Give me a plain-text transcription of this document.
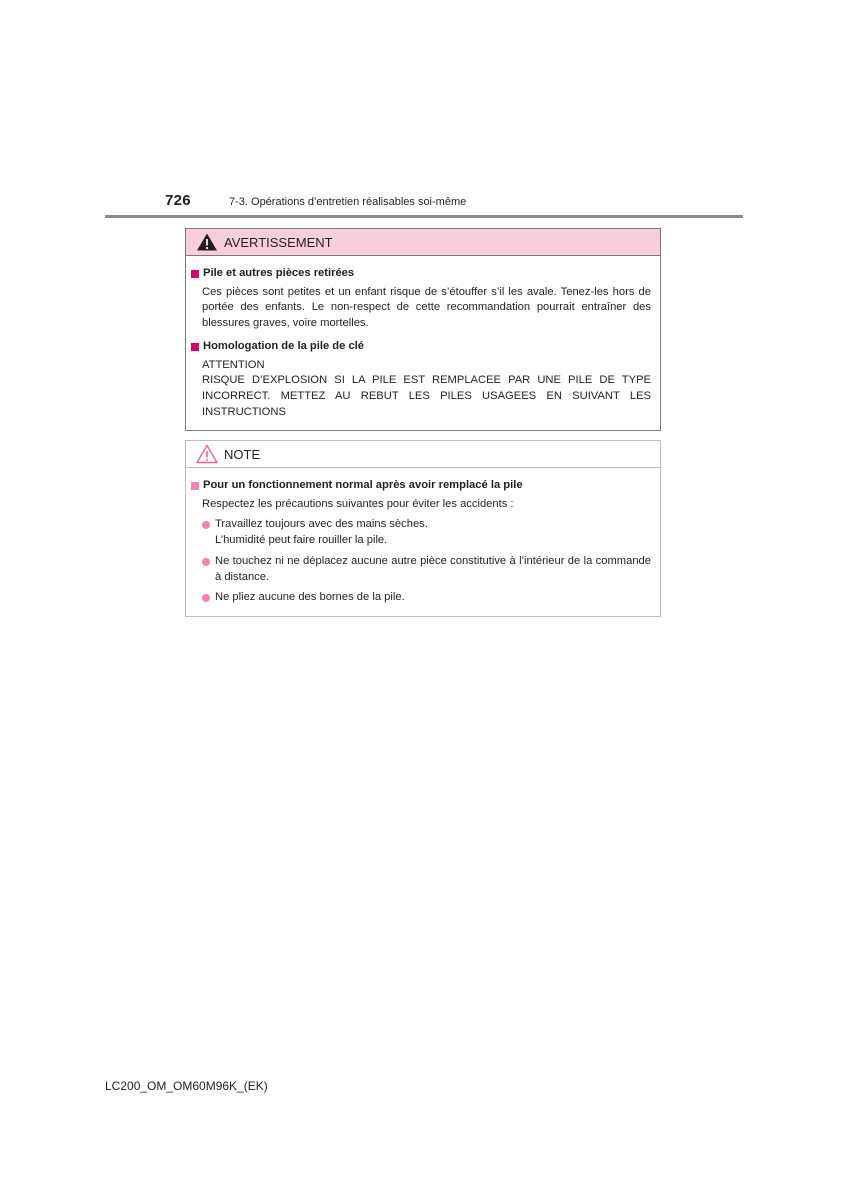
726	7-3. Opérations d’entretien réalisables soi-même
AVERTISSEMENT
Pile et autres pièces retirées
Ces pièces sont petites et un enfant risque de s’étouffer s’il les avale. Tenez-les hors de portée des enfants. Le non-respect de cette recommandation pourrait entraîner des blessures graves, voire mortelles.
Homologation de la pile de clé
ATTENTION
RISQUE D’EXPLOSION SI LA PILE EST REMPLACEE PAR UNE PILE DE TYPE INCORRECT. METTEZ AU REBUT LES PILES USAGEES EN SUIVANT LES INSTRUCTIONS
NOTE
Pour un fonctionnement normal après avoir remplacé la pile
Respectez les précautions suivantes pour éviter les accidents :
Travaillez toujours avec des mains sèches.
L’humidité peut faire rouiller la pile.
Ne touchez ni ne déplacez aucune autre pièce constitutive à l’intérieur de la commande à distance.
Ne pliez aucune des bornes de la pile.
LC200_OM_OM60M96K_(EK)
